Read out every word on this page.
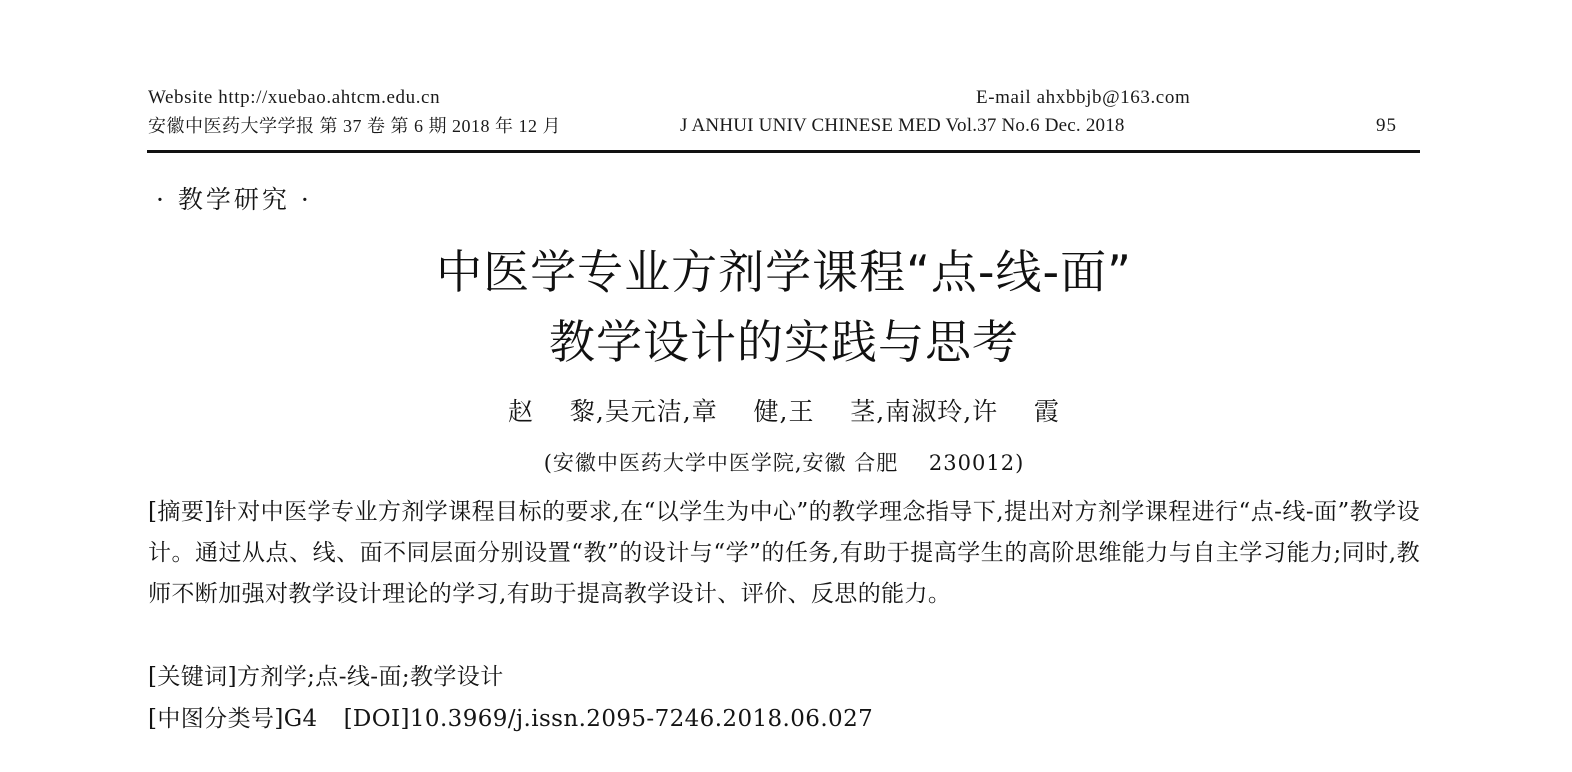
Website http://xuebao.ahtcm.edu.cn	E-mail ahxbbjb@163.com
安徽中医药大学学报 第 37 卷 第 6 期 2018 年 12 月	J ANHUI UNIV CHINESE MED Vol.37 No.6 Dec. 2018	95
· 教学研究 ·
中医学专业方剂学课程“点-线-面”
教学设计的实践与思考
赵    黎,吴元洁,章    健,王    茎,南淑玲,许    霞
(安徽中医药大学中医学院,安徽 合肥    230012)
[摘要]针对中医学专业方剂学课程目标的要求,在“以学生为中心”的教学理念指导下,提出对方剂学课程进行“点-线-面”教学设计。通过从点、线、面不同层面分别设置“教”的设计与“学”的任务,有助于提高学生的高阶思维能力与自主学习能力;同时,教师不断加强对教学设计理论的学习,有助于提高教学设计、评价、反思的能力。
[关键词]方剂学;点-线-面;教学设计
[中图分类号]G4 [DOI]10.3969/j.issn.2095-7246.2018.06.027
